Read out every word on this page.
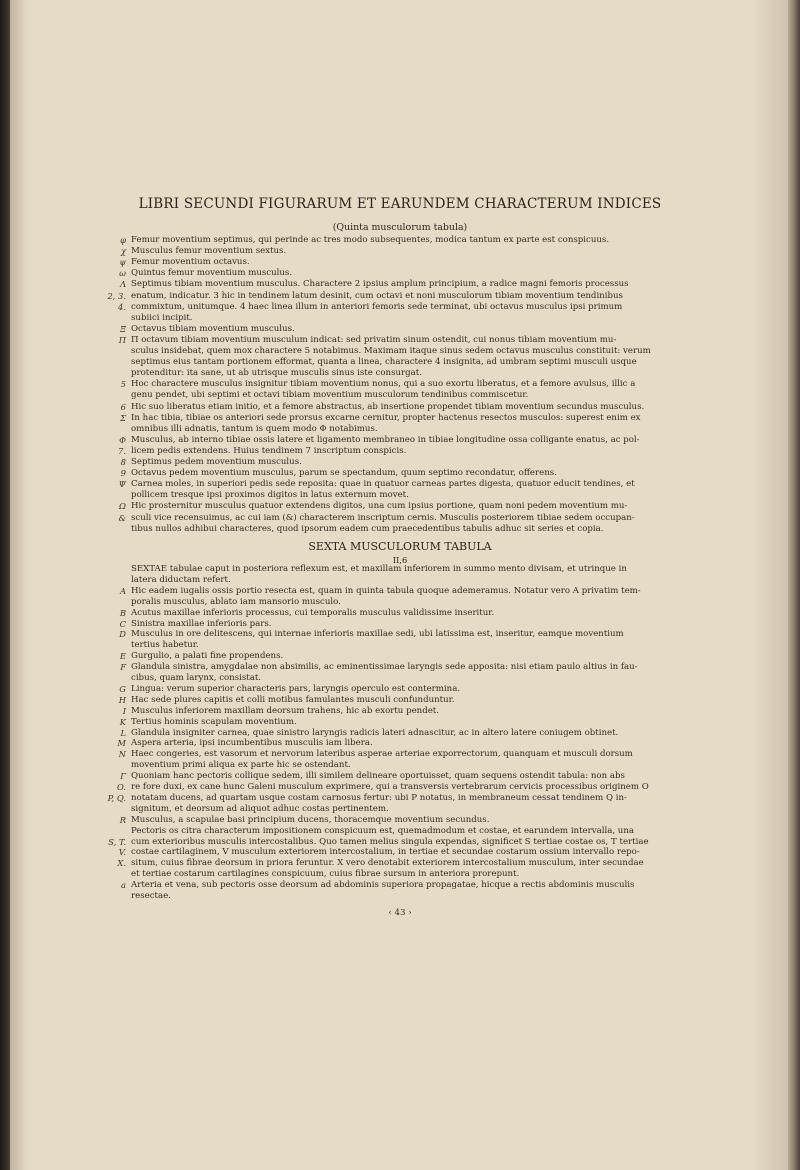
LIBRI SECUNDI FIGURARUM ET EARUNDEM CHARACTERUM INDICES
(Quinta musculorum tabula)
φ Femur moventium septimus, qui perinde ac tres modo subsequentes, modica tantum ex parte est conspicuus.
χ Musculus femur moventium sextus.
ψ Femur moventium octavus.
ω Quintus femur moventium musculus.
Λ Septimus tibiam moventium musculus. Charactere 2 ipsius amplum principium, a radice magni femoris processus
2, 3. enatum, indicatur. 3 hic in tendinem latum desinit, cum octavi et noni musculorum tibiam moventium tendinibus
4. commixtum, unitumque. 4 haec linea illum in anteriori femoris sede terminat, ubi octavus musculus ipsi primum
subiici incipit.
Ξ Octavus tibiam moventium musculus.
Π Π octavum tibiam moventium musculum indicat: sed privatim sinum ostendit, cui nonus tibiam moventium mu-
sculus insidebat, quem mox charactere 5 notabimus. Maximam itaque sinus sedem octavus musculus constituit: verum
septimus eius tantam portionem efformat, quanta a linea, charactere 4 insignita, ad umbram septimi musculi usque
protenditur: ita sane, ut ab utrisque musculis sinus iste consurgat.
5 Hoc charactere musculus insignitur tibiam moventium nonus, qui a suo exortu liberatus, et a femore avulsus, illic a
genu pendet, ubi septimi et octavi tibiam moventium musculorum tendinibus commiscetur.
6 Hic suo liberatus etiam initio, et a femore abstractus, ab insertione propendet tibiam moventium secundus musculus.
Σ In hac tibia, tibiae os anteriori sede prorsus excarne cernitur, propter hactenus resectos musculos: superest enim ex
omnibus illi adnatis, tantum is quem modo Φ notabimus.
Φ Musculus, ab interno tibiae ossis latere et ligamento membraneo in tibiae longitudine ossa colligante enatus, ac pol-
7. licem pedis extendens. Huius tendinem 7 inscriptum conspicis.
8 Septimus pedem moventium musculus.
9 Octavus pedem moventium musculus, parum se spectandum, quum septimo recondatur, offerens.
Ψ Carnea moles, in superiori pedis sede reposita: quae in quatuor carneas partes digesta, quatuor educit tendines, et
pollicem tresque ipsi proximos digitos in latus externum movet.
Ω Hic prosternitur musculus quatuor extendens digitos, una cum ipsius portione, quam noni pedem moventium mu-
& sculi vice recensuimus, ac cui iam (&) characterem inscriptum cernis. Musculis posteriorem tibiae sedem occupan-
tibus nullos adhibui characteres, quod ipsorum eadem cum praecedentibus tabulis adhuc sit series et copia.
SEXTA MUSCULORUM TABULA
II,6
SEXTAE tabulae caput in posteriora reflexum est, et maxillam inferiorem in summo mento divisam, et utrinque in
latera diductam refert.
A Hic eadem iugalis ossis portio resecta est, quam in quinta tabula quoque ademeramus. Notatur vero A privatim tem-
poralis musculus, ablato iam mansorio musculo.
B Acutus maxillae inferioris processus, cui temporalis musculus validissime inseritur.
C Sinistra maxillae inferioris pars.
D Musculus in ore delitescens, qui internae inferioris maxillae sedi, ubi latissima est, inseritur, eamque moventium
tertius habetur.
E Gurgulio, a palati fine propendens.
F Glandula sinistra, amygdalae non absimilis, ac eminentissimae laryngis sede apposita: nisi etiam paulo altius in fau-
cibus, quam larynx, consistat.
G Lingua: verum superior characteris pars, laryngis operculo est contermina.
H Hac sede plures capitis et colli motibus famulantes musculi confunduntur.
I Musculus inferiorem maxillam deorsum trahens, hic ab exortu pendet.
K Tertius hominis scapulam moventium.
L Glandula insigniter carnea, quae sinistro laryngis radicis lateri adnascitur, ac in altero latere coniugem obtinet.
M Aspera arteria, ipsi incumbentibus musculis iam libera.
N Haec congeries, est vasorum et nervorum lateribus asperae arteriae exporrectorum, quanquam et musculi dorsum
moventium primi aliqua ex parte hic se ostendant.
Γ Quoniam hanc pectoris collique sedem, illi similem delineare oportuisset, quam sequens ostendit tabula: non abs
O. re fore duxi, ex cane hunc Galeni musculum exprimere, qui a transversis vertebrarum cervicis processibus originem O
P, Q. notatam ducens, ad quartam usque costam carnosus fertur: ubi P notatus, in membraneum cessat tendinem Q in-
signitum, et deorsum ad aliquot adhuc costas pertinentem.
R Musculus, a scapulae basi principium ducens, thoracemque moventium secundus.
Pectoris os citra characterum impositionem conspicuum est, quemadmodum et costae, et earundem intervalla, una
S, T. cum exterioribus musculis intercostalibus. Quo tamen melius singula expendas, significet S tertiae costae os, T tertiae
V. costae cartilaginem, V musculum exteriorem intercostalium, in tertiae et secundae costarum ossium intervallo repo-
X. situm, cuius fibrae deorsum in priora feruntur. X vero denotabit exteriorem intercostalium musculum, inter secundae
et tertiae costarum cartilagines conspicuum, cuius fibrae sursum in anteriora prorepunt.
a Arteria et vena, sub pectoris osse deorsum ad abdominis superiora propagatae, hicque a rectis abdominis musculis
resectae.
‹ 43 ›
